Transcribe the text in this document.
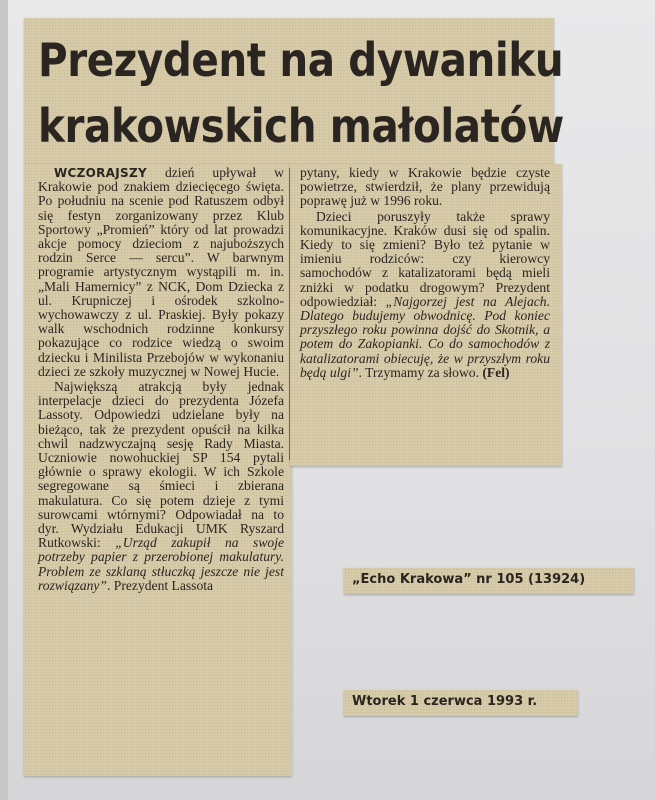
Prezydent na dywaniku
krakowskich małolatów

WCZORAJSZY dzień upływał w Krakowie pod znakiem dziecięcego święta. Po południu na scenie pod Ratuszem odbył się festyn zorganizowany przez Klub Sportowy „Promień” który od lat prowadzi akcje pomocy dzieciom z najuboższych rodzin Serce — sercu”. W barwnym programie artystycznym wystąpili m. in. „Mali Hamernicy” z NCK, Dom Dziecka z ul. Krupniczej i ośrodek szkolno-wychowawczy z ul. Praskiej. Były pokazy walk wschodnich rodzinne konkursy pokazujące co rodzice wiedzą o swoim dziecku i Minilista Przebojów w wykonaniu dzieci ze szkoły muzycznej w Nowej Hucie.

Największą atrakcją były jednak interpelacje dzieci do prezydenta Józefa Lassoty. Odpowiedzi udzielane były na bieżąco, tak że prezydent opuścił na kilka chwil nadzwyczajną sesję Rady Miasta. Uczniowie nowohuckiej SP 154 pytali głównie o sprawy ekologii. W ich Szkole segregowane są śmieci i zbierana makulatura. Co się potem dzieje z tymi surowcami wtórnymi? Odpowiadał na to dyr. Wydziału Edukacji UMK Ryszard Rutkowski: „Urząd zakupił na swoje potrzeby papier z przerobionej makulatury. Problem ze szklaną stłuczką jeszcze nie jest rozwiązany”. Prezydent Lassota

pytany, kiedy w Krakowie będzie czyste powietrze, stwierdził, że plany przewidują poprawę już w 1996 roku.

Dzieci poruszyły także sprawy komunikacyjne. Kraków dusi się od spalin. Kiedy to się zmieni? Było też pytanie w imieniu rodziców: czy kierowcy samochodów z katalizatorami będą mieli zniżki w podatku drogowym? Prezydent odpowiedział: „Najgorzej jest na Alejach. Dlatego budujemy obwodnicę. Pod koniec przyszłego roku powinna dojść do Skotnik, a potem do Zakopianki. Co do samochodów z katalizatorami obiecuję, że w przyszłym roku będą ulgi”. Trzymamy za słowo. (Fel)

„Echo Krakowa” nr 105 (13924)
Wtorek 1 czerwca 1993 r.
